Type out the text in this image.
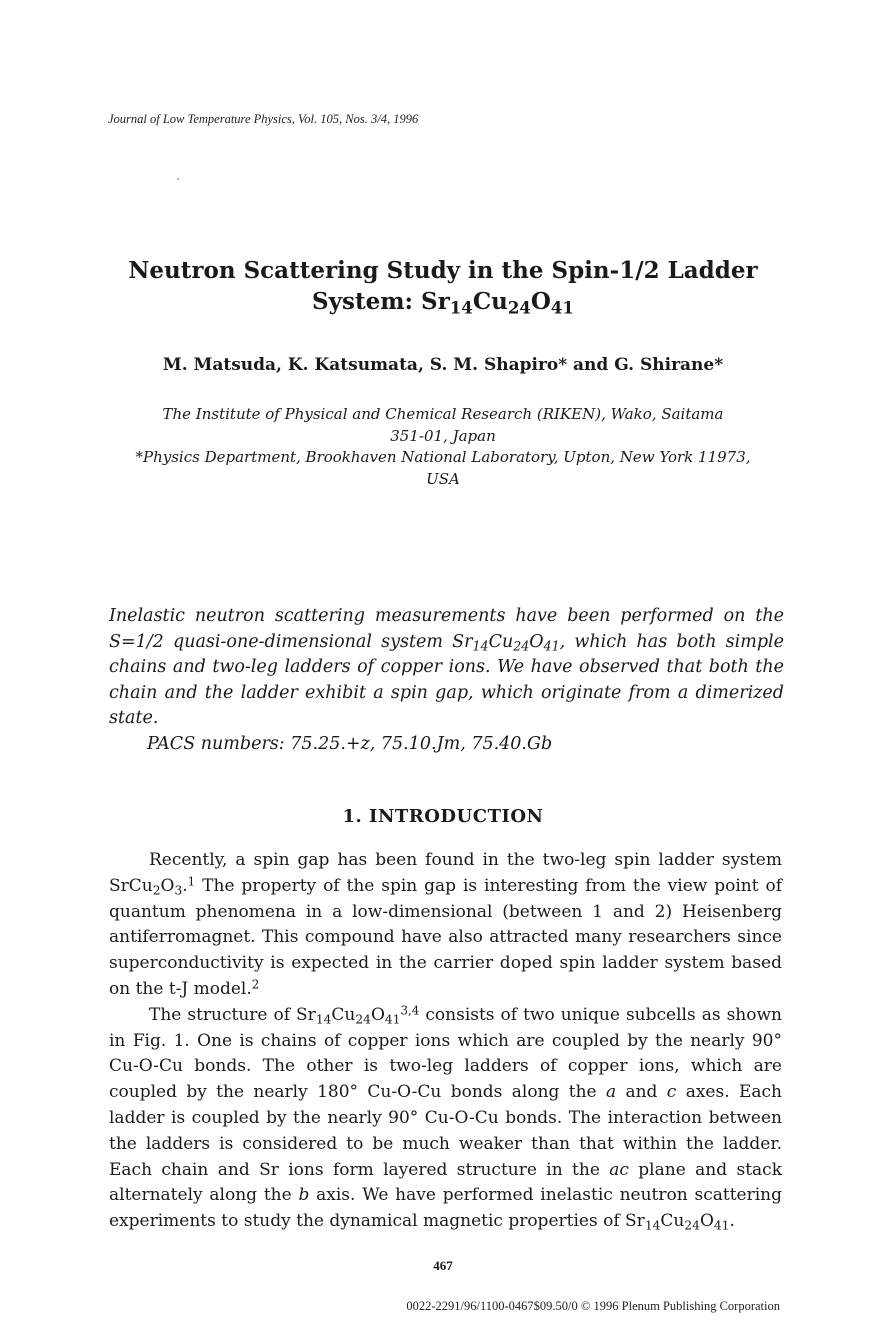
Journal of Low Temperature Physics, Vol. 105, Nos. 3/4, 1996
Neutron Scattering Study in the Spin-1/2 Ladder
System: $Sr_{14}Cu_{24}O_{41}$
M. Matsuda, K. Katsumata, S. M. Shapiro* and G. Shirane*
The Institute of Physical and Chemical Research (RIKEN), Wako, Saitama
351-01, Japan
*Physics Department, Brookhaven National Laboratory, Upton, New York 11973,
USA

Inelastic neutron scattering measurements have been performed on the S=1/2 quasi-one-dimensional system $Sr_{14}Cu_{24}O_{41}$, which has both simple chains and two-leg ladders of copper ions. We have observed that both the chain and the ladder exhibit a spin gap, which originate from a dimerized state.

PACS numbers: 75.25.+z, 75.10.Jm, 75.40.Gb

1. INTRODUCTION

Recently, a spin gap has been found in the two-leg spin ladder system $SrCu_2O_3.^1$ The property of the spin gap is interesting from the view point of quantum phenomena in a low-dimensional (between 1 and 2) Heisenberg antiferromagnet. This compound have also attracted many researchers since superconductivity is expected in the carrier doped spin ladder system based on the t-J model.$^2$

The structure of $Sr_{14}Cu_{24}O_{41}^{3,4}$ consists of two unique subcells as shown in Fig. 1. One is chains of copper ions which are coupled by the nearly 90° Cu-O-Cu bonds. The other is two-leg ladders of copper ions, which are coupled by the nearly 180° Cu-O-Cu bonds along the a and c axes. Each ladder is coupled by the nearly 90° Cu-O-Cu bonds. The interaction between the ladders is considered to be much weaker than that within the ladder. Each chain and Sr ions form layered structure in the ac plane and stack alternately along the b axis. We have performed inelastic neutron scattering experiments to study the dynamical magnetic properties of $Sr_{14}Cu_{24}O_{41}$.

467
0022-2291/96/1100-0467$09.50/0 © 1996 Plenum Publishing Corporation
